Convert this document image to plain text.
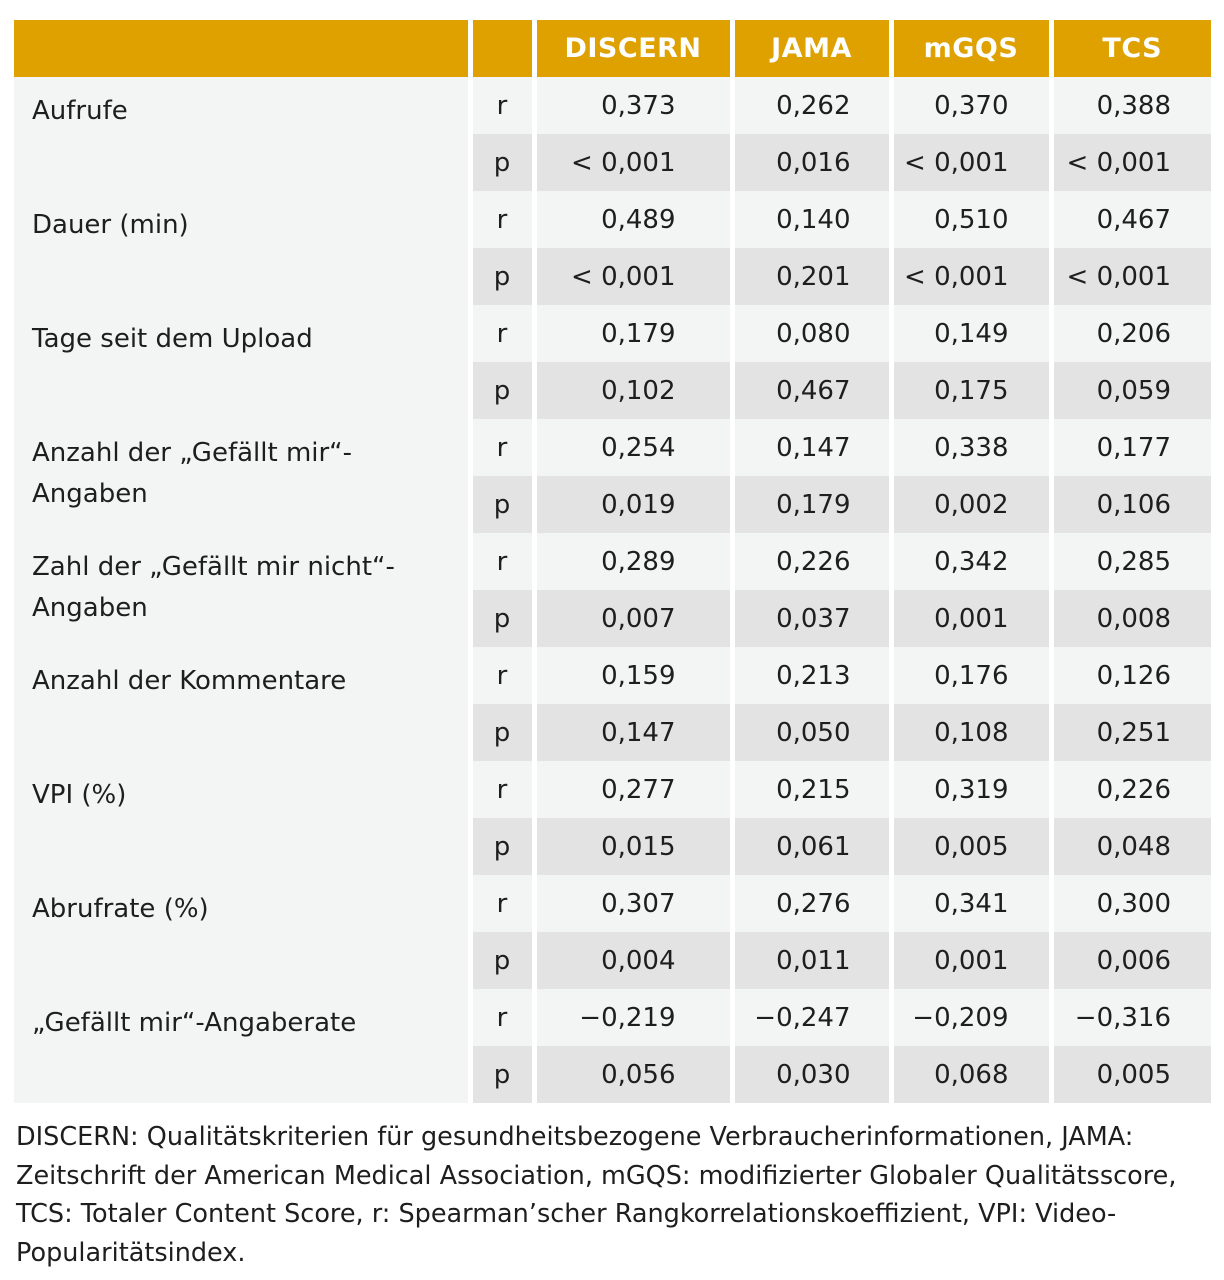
		DISCERN	JAMA	mGQS	TCS
Aufrufe	r	0,373	0,262	0,370	0,388
	p	< 0,001	0,016	< 0,001	< 0,001
Dauer (min)	r	0,489	0,140	0,510	0,467
	p	< 0,001	0,201	< 0,001	< 0,001
Tage seit dem Upload	r	0,179	0,080	0,149	0,206
	p	0,102	0,467	0,175	0,059
Anzahl der „Gefällt mir“-Angaben	r	0,254	0,147	0,338	0,177
	p	0,019	0,179	0,002	0,106
Zahl der „Gefällt mir nicht“-Angaben	r	0,289	0,226	0,342	0,285
	p	0,007	0,037	0,001	0,008
Anzahl der Kommentare	r	0,159	0,213	0,176	0,126
	p	0,147	0,050	0,108	0,251
VPI (%)	r	0,277	0,215	0,319	0,226
	p	0,015	0,061	0,005	0,048
Abrufrate (%)	r	0,307	0,276	0,341	0,300
	p	0,004	0,011	0,001	0,006
„Gefällt mir“-Angaberate	r	−0,219	−0,247	−0,209	−0,316
	p	0,056	0,030	0,068	0,005
DISCERN: Qualitätskriterien für gesundheitsbezogene Verbraucherinformationen, JAMA: Zeitschrift der American Medical Association, mGQS: modifizierter Globaler Qualitätsscore, TCS: Totaler Content Score, r: Spearman’scher Rangkorrelationskoeffizient, VPI: Video-Popularitätsindex.
